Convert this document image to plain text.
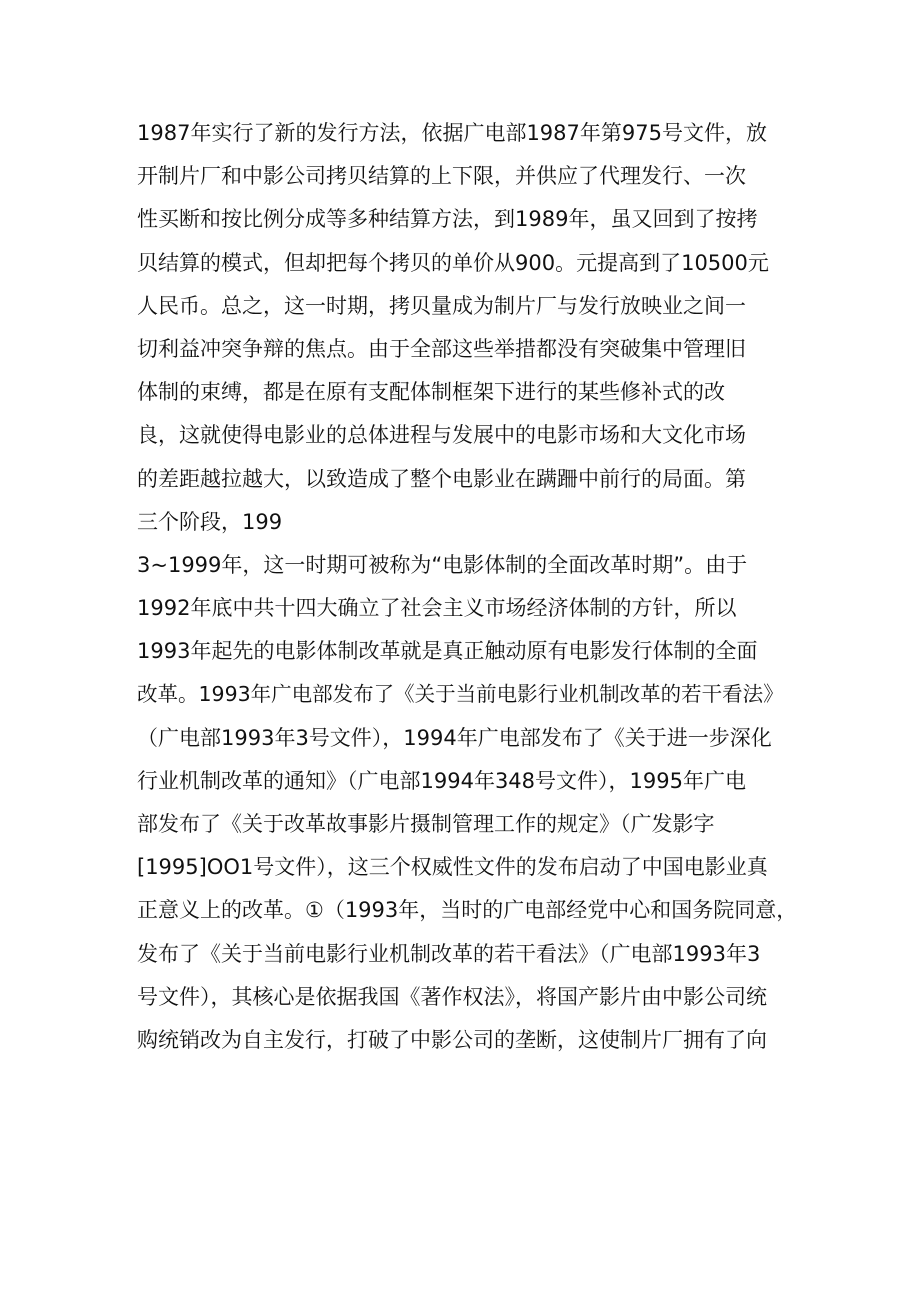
1987年实行了新的发行方法，依据广电部1987年第975号文件，放
开制片厂和中影公司拷贝结算的上下限，并供应了代理发行、一次
性买断和按比例分成等多种结算方法，到1989年，虽又回到了按拷
贝结算的模式，但却把每个拷贝的单价从900。元提高到了10500元
人民币。总之，这一时期，拷贝量成为制片厂与发行放映业之间一
切利益冲突争辩的焦点。由于全部这些举措都没有突破集中管理旧
体制的束缚，都是在原有支配体制框架下进行的某些修补式的改
良，这就使得电影业的总体进程与发展中的电影市场和大文化市场
的差距越拉越大，以致造成了整个电影业在蹒跚中前行的局面。第
三个阶段，199
3~1999年，这一时期可被称为“电影体制的全面改革时期”。由于
1992年底中共十四大确立了社会主义市场经济体制的方针，所以
1993年起先的电影体制改革就是真正触动原有电影发行体制的全面
改革。1993年广电部发布了《关于当前电影行业机制改革的若干看法》
（广电部1993年3号文件），1994年广电部发布了《关于进一步深化
行业机制改革的通知》（广电部1994年348号文件），1995年广电
部发布了《关于改革故事影片摄制管理工作的规定》（广发影字
[1995]OO1号文件），这三个权威性文件的发布启动了中国电影业真
正意义上的改革。①（1993年，当时的广电部经党中心和国务院同意，
发布了《关于当前电影行业机制改革的若干看法》（广电部1993年3
号文件），其核心是依据我国《著作权法》，将国产影片由中影公司统
购统销改为自主发行，打破了中影公司的垄断，这使制片厂拥有了向
